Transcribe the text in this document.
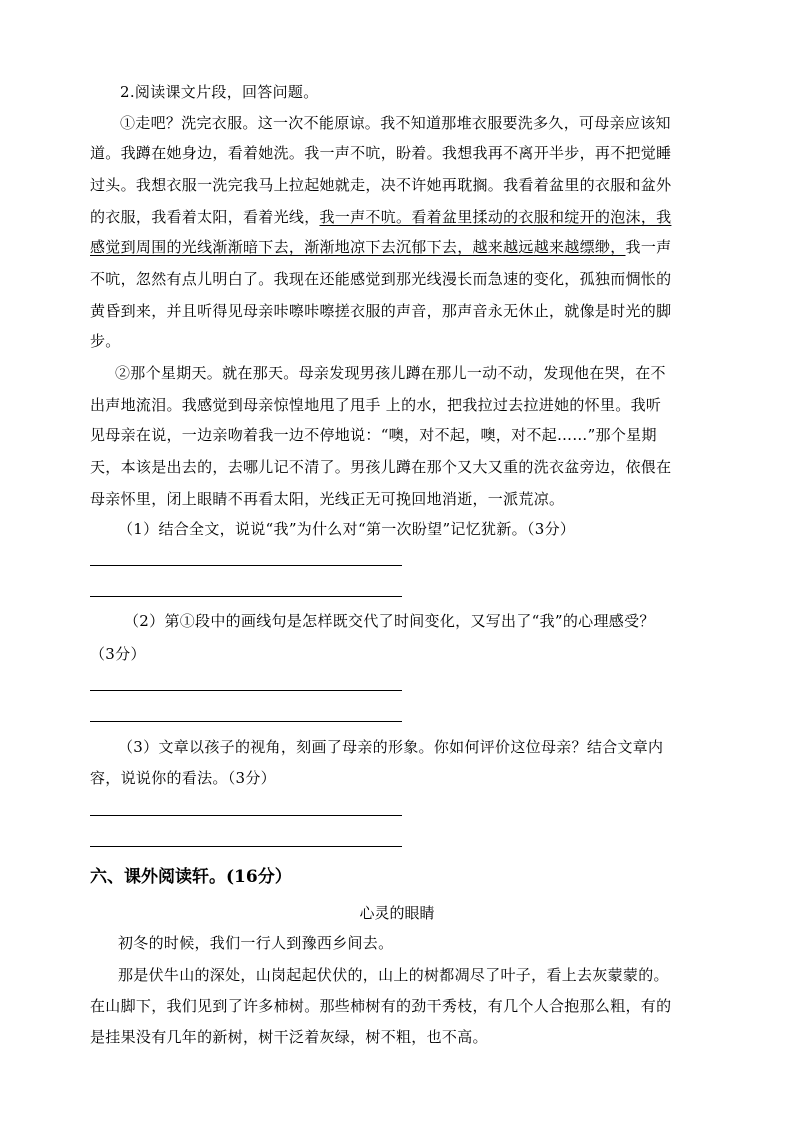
2.阅读课文片段，回答问题。
①走吧？洗完衣服。这一次不能原谅。我不知道那堆衣服要洗多久，可母亲应该知
道。我蹲在她身边，看着她洗。我一声不吭，盼着。我想我再不离开半步，再不把觉睡
过头。我想衣服一洗完我马上拉起她就走，决不许她再耽搁。我看着盆里的衣服和盆外
的衣服，我看着太阳，看着光线，我一声不吭。看着盆里揉动的衣服和绽开的泡沫，我
感觉到周围的光线渐渐暗下去，渐渐地凉下去沉郁下去，越来越远越来越缥缈，我一声
不吭，忽然有点儿明白了。我现在还能感觉到那光线漫长而急速的变化，孤独而惆怅的
黄昏到来，并且听得见母亲咔嚓咔嚓搓衣服的声音，那声音永无休止，就像是时光的脚
步。
②那个星期天。就在那天。母亲发现男孩儿蹲在那儿一动不动，发现他在哭，在不
出声地流泪。我感觉到母亲惊惶地甩了甩手 上的水，把我拉过去拉进她的怀里。我听
见母亲在说，一边亲吻着我一边不停地说：“噢，对不起，噢，对不起……”那个星期
天，本该是出去的，去哪儿记不清了。男孩儿蹲在那个又大又重的洗衣盆旁边，依偎在
母亲怀里，闭上眼睛不再看太阳，光线正无可挽回地消逝，一派荒凉。
（1）结合全文，说说“我”为什么对“第一次盼望”记忆犹新。（3分）
（2）第①段中的画线句是怎样既交代了时间变化，又写出了“我”的心理感受？
（3分）
（3）文章以孩子的视角，刻画了母亲的形象。你如何评价这位母亲？结合文章内
容，说说你的看法。（3分）
六、课外阅读轩。(16分）
心灵的眼睛
初冬的时候，我们一行人到豫西乡间去。
那是伏牛山的深处，山岗起起伏伏的，山上的树都凋尽了叶子，看上去灰蒙蒙的。
在山脚下，我们见到了许多柿树。那些柿树有的劲干秀枝，有几个人合抱那么粗，有的
是挂果没有几年的新树，树干泛着灰绿，树不粗，也不高。
